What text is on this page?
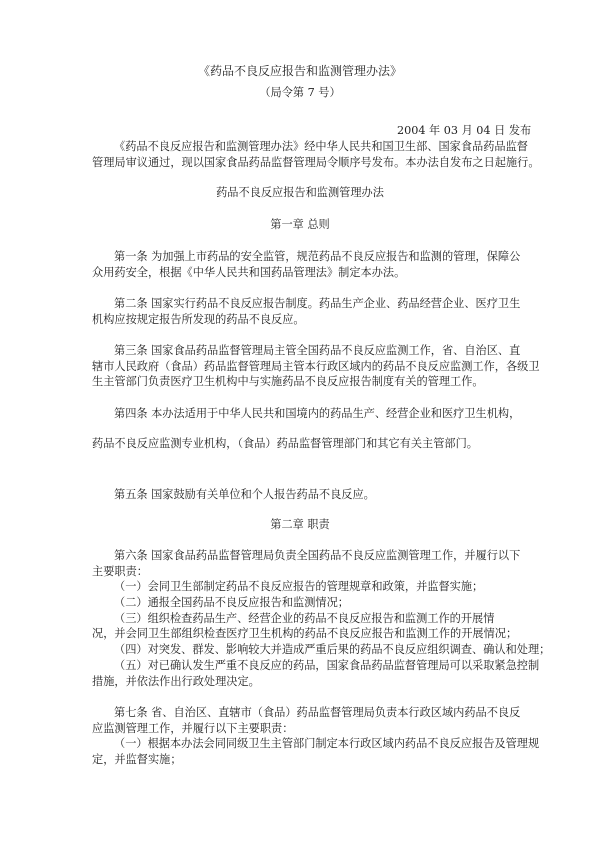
《药品不良反应报告和监测管理办法》
（局令第 7 号）
2004 年 03 月 04 日 发布
《药品不良反应报告和监测管理办法》经中华人民共和国卫生部、国家食品药品监督
管理局审议通过，现以国家食品药品监督管理局令顺序号发布。本办法自发布之日起施行。
药品不良反应报告和监测管理办法
第一章 总则
第一条 为加强上市药品的安全监管，规范药品不良反应报告和监测的管理，保障公
众用药安全，根据《中华人民共和国药品管理法》制定本办法。
第二条 国家实行药品不良反应报告制度。药品生产企业、药品经营企业、医疗卫生
机构应按规定报告所发现的药品不良反应。
第三条 国家食品药品监督管理局主管全国药品不良反应监测工作，省、自治区、直
辖市人民政府（食品）药品监督管理局主管本行政区域内的药品不良反应监测工作，各级卫
生主管部门负责医疗卫生机构中与实施药品不良反应报告制度有关的管理工作。
第四条 本办法适用于中华人民共和国境内的药品生产、经营企业和医疗卫生机构，
药品不良反应监测专业机构，（食品）药品监督管理部门和其它有关主管部门。
第五条 国家鼓励有关单位和个人报告药品不良反应。
第二章 职责
第六条 国家食品药品监督管理局负责全国药品不良反应监测管理工作，并履行以下
主要职责：
（一）会同卫生部制定药品不良反应报告的管理规章和政策，并监督实施；
（二）通报全国药品不良反应报告和监测情况；
（三）组织检查药品生产、经营企业的药品不良反应报告和监测工作的开展情
况，并会同卫生部组织检查医疗卫生机构的药品不良反应报告和监测工作的开展情况；
（四）对突发、群发、影响较大并造成严重后果的药品不良反应组织调查、确认和处理；
（五）对已确认发生严重不良反应的药品，国家食品药品监督管理局可以采取紧急控制
措施，并依法作出行政处理决定。
第七条 省、自治区、直辖市（食品）药品监督管理局负责本行政区域内药品不良反
应监测管理工作，并履行以下主要职责：
（一）根据本办法会同同级卫生主管部门制定本行政区域内药品不良反应报告及管理规
定，并监督实施；
